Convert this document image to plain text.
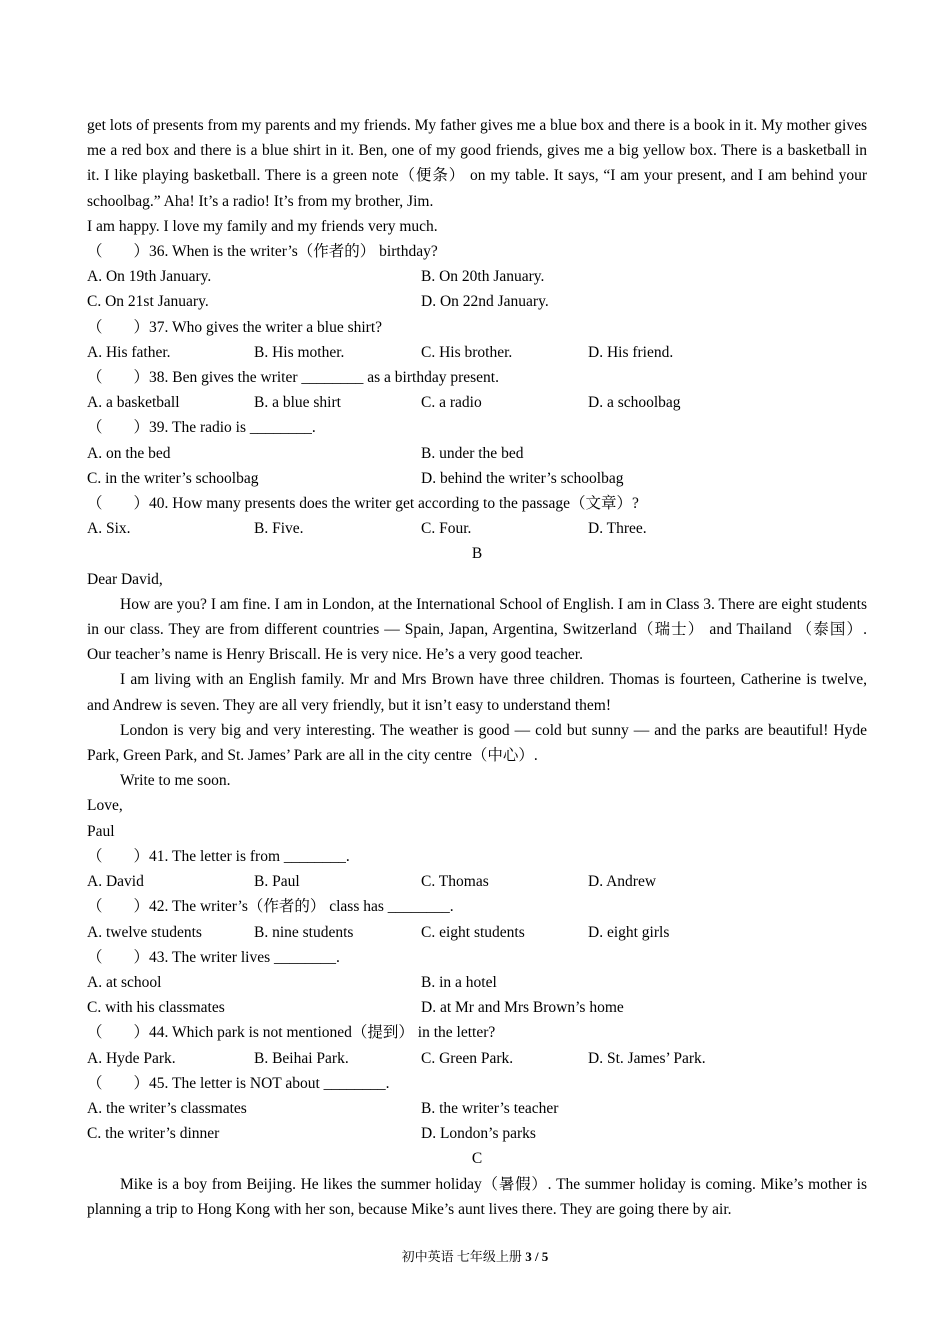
get lots of presents from my parents and my friends. My father gives me a blue box and there is a book in it. My mother gives me a red box and there is a blue shirt in it. Ben, one of my good friends, gives me a big yellow box. There is a basketball in it. I like playing basketball. There is a green note（便条） on my table. It says, “I am your present, and I am behind your schoolbag.” Aha! It’s a radio! It’s from my brother, Jim.

I am happy. I love my family and my friends very much.

（        ）36. When is the writer’s（作者的） birthday?
A. On 19th January.	B. On 20th January.
C. On 21st January.	D. On 22nd January.
（        ）37. Who gives the writer a blue shirt?
A. His father.	B. His mother.	C. His brother.	D. His friend.
（        ）38. Ben gives the writer ________ as a birthday present.
A. a basketball	B. a blue shirt	C. a radio	D. a schoolbag
（        ）39. The radio is ________.
A. on the bed	B. under the bed
C. in the writer’s schoolbag	D. behind the writer’s schoolbag
（        ）40. How many presents does the writer get according to the passage（文章）?
A. Six.	B. Five.	C. Four.	D. Three.

B

Dear David,

How are you? I am fine. I am in London, at the International School of English. I am in Class 3. There are eight students in our class. They are from different countries — Spain, Japan, Argentina, Switzerland（瑞士） and Thailand （泰国）. Our teacher’s name is Henry Briscall. He is very nice. He’s a very good teacher.

I am living with an English family. Mr and Mrs Brown have three children. Thomas is fourteen, Catherine is twelve, and Andrew is seven. They are all very friendly, but it isn’t easy to understand them!

London is very big and very interesting. The weather is good — cold but sunny — and the parks are beautiful! Hyde Park, Green Park, and St. James’ Park are all in the city centre（中心）.

Write to me soon.

Love,

Paul

（        ）41. The letter is from ________.
A. David	B. Paul	C. Thomas	D. Andrew
（        ）42. The writer’s（作者的） class has ________.
A. twelve students	B. nine students	C. eight students	D. eight girls
（        ）43. The writer lives ________.
A. at school	B. in a hotel
C. with his classmates	D. at Mr and Mrs Brown’s home
（        ）44. Which park is not mentioned（提到） in the letter?
A. Hyde Park.	B. Beihai Park.	C. Green Park.	D. St. James’ Park.
（        ）45. The letter is NOT about ________.
A. the writer’s classmates	B. the writer’s teacher
C. the writer’s dinner	D. London’s parks

C

Mike is a boy from Beijing. He likes the summer holiday（暑假）. The summer holiday is coming. Mike’s mother is planning a trip to Hong Kong with her son, because Mike’s aunt lives there. They are going there by air.

初中英语 七年级上册 3 / 5
